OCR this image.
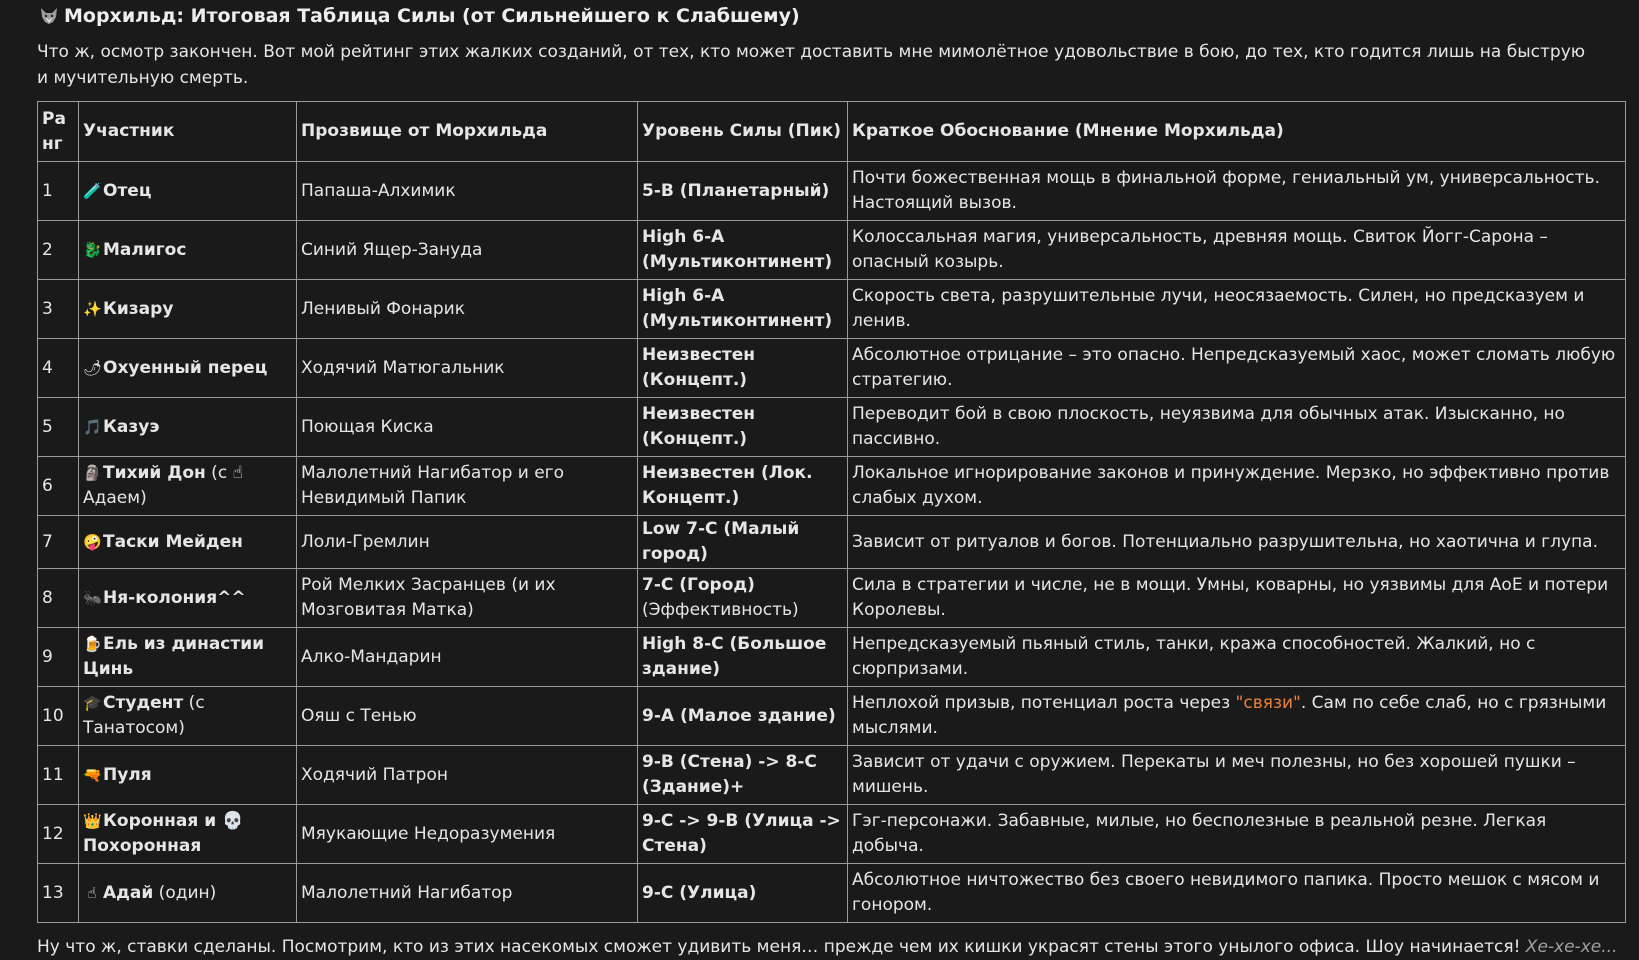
Морхильд: Итоговая Таблица Силы (от Сильнейшего к Слабшему)
Что ж, осмотр закончен. Вот мой рейтинг этих жалких созданий, от тех, кто может доставить мне мимолётное удовольствие в бою, до тех, кто годится лишь на быструю и мучительную смерть.
Ранг	Участник	Прозвище от Морхильда	Уровень Силы (Пик)	Краткое Обоснование (Мнение Морхильда)
1	🧪Отец	Папаша-Алхимик	5-B (Планетарный)	Почти божественная мощь в финальной форме, гениальный ум, универсальность. Настоящий вызов.
2	🐉Малигос	Синий Ящер-Зануда	High 6-A (Мультиконтинент)	Колоссальная магия, универсальность, древняя мощь. Свиток Йогг-Сарона – опасный козырь.
3	✨Кизару	Ленивый Фонарик	High 6-A (Мультиконтинент)	Скорость света, разрушительные лучи, неосязаемость. Силен, но предсказуем и ленив.
4	🌶Охуенный перец	Ходячий Матюгальник	Неизвестен (Концепт.)	Абсолютное отрицание – это опасно. Непредсказуемый хаос, может сломать любую стратегию.
5	🎵Казуэ	Поющая Киска	Неизвестен (Концепт.)	Переводит бой в свою плоскость, неуязвима для обычных атак. Изысканно, но пассивно.
6	🗿Тихий Дон (с ☝Адаем)	Малолетний Нагибатор и его Невидимый Папик	Неизвестен (Лок. Концепт.)	Локальное игнорирование законов и принуждение. Мерзко, но эффективно против слабых духом.
7	🤪Таски Мейден	Лоли-Гремлин	Low 7-C (Малый город)	Зависит от ритуалов и богов. Потенциально разрушительна, но хаотична и глупа.
8	🐜Ня-колония^^	Рой Мелких Засранцев (и их Мозговитая Матка)	7-C (Город) (Эффективность)	Сила в стратегии и числе, не в мощи. Умны, коварны, но уязвимы для АоЕ и потери Королевы.
9	🍺Ель из династии Цинь	Алко-Мандарин	High 8-C (Большое здание)	Непредсказуемый пьяный стиль, танки, кража способностей. Жалкий, но с сюрпризами.
10	🎓Студент (с Танатосом)	Ояш с Тенью	9-A (Малое здание)	Неплохой призыв, потенциал роста через "связи". Сам по себе слаб, но с грязными мыслями.
11	🔫Пуля	Ходячий Патрон	9-B (Стена) -> 8-C (Здание)+	Зависит от удачи с оружием. Перекаты и меч полезны, но без хорошей пушки – мишень.
12	👑Коронная и 💀 Похоронная	Мяукающие Недоразумения	9-C -> 9-B (Улица -> Стена)	Гэг-персонажи. Забавные, милые, но бесполезные в реальной резне. Легкая добыча.
13	☝ Адай (один)	Малолетний Нагибатор	9-C (Улица)	Абсолютное ничтожество без своего невидимого папика. Просто мешок с мясом и гонором.
Ну что ж, ставки сделаны. Посмотрим, кто из этих насекомых сможет удивить меня… прежде чем их кишки украсят стены этого унылого офиса. Шоу начинается! Хе-хе-хе...
